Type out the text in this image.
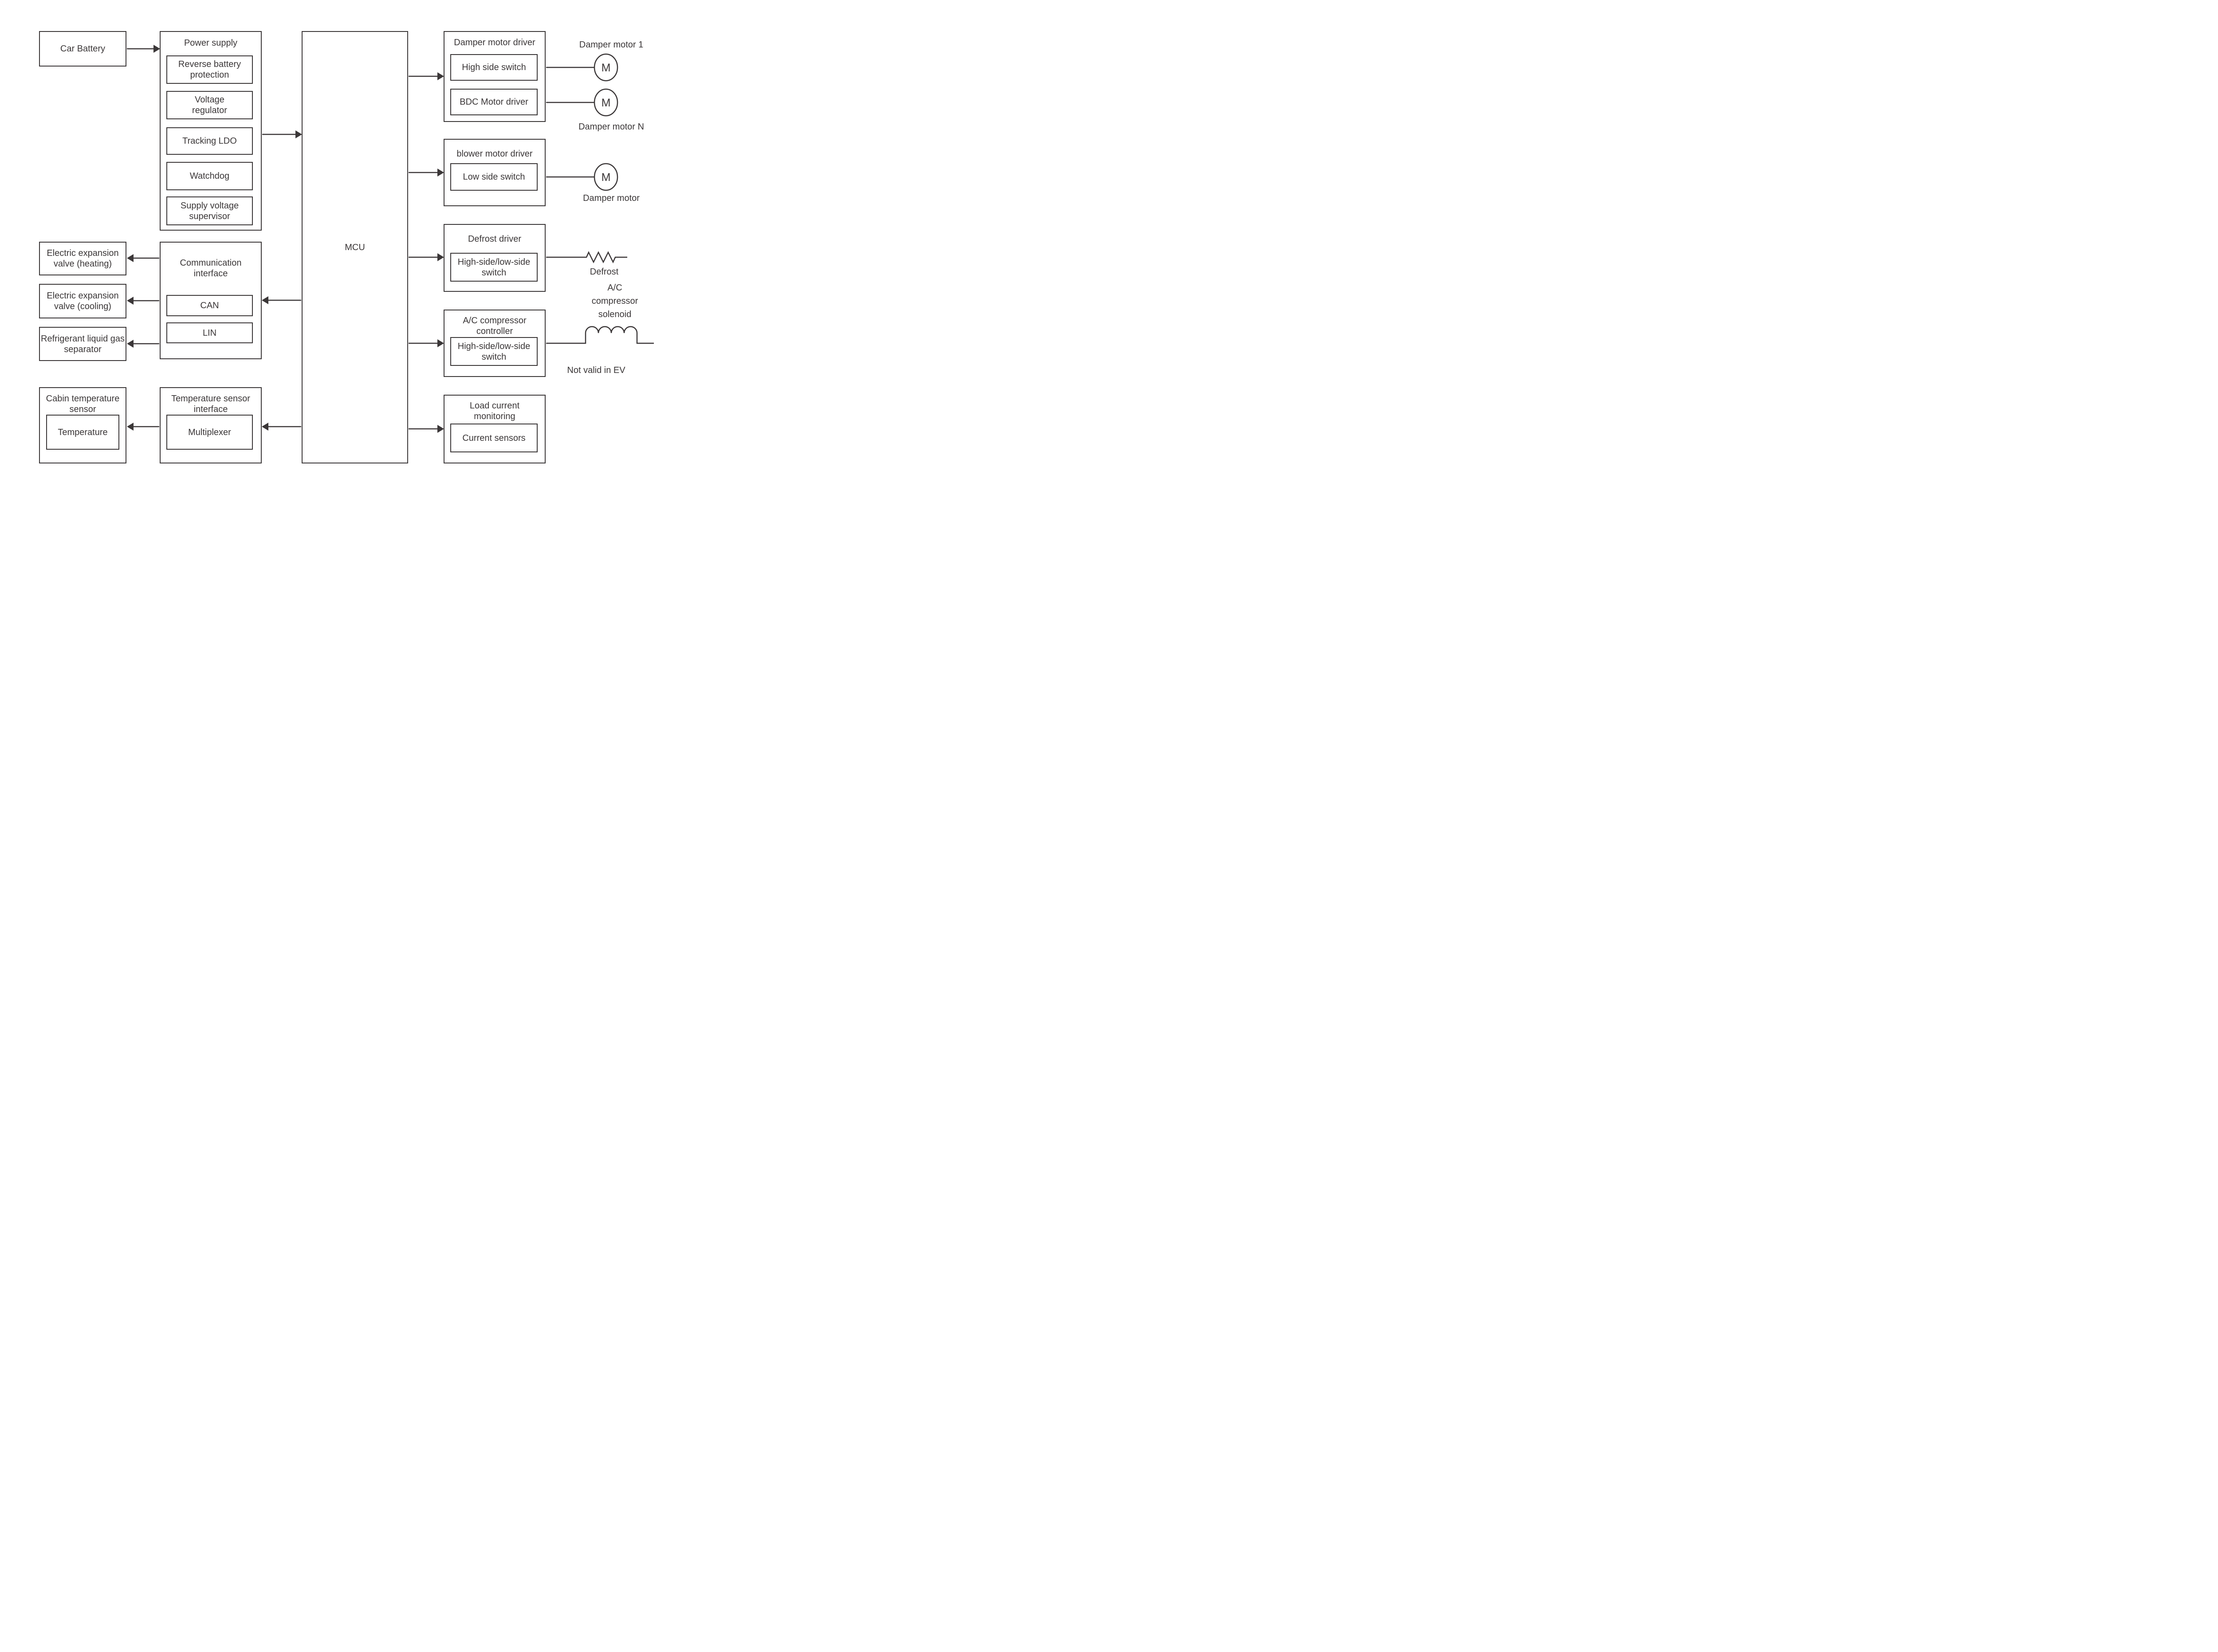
M
M
M
Car Battery
Power supply
Reverse battery protection
Voltage regulator
Tracking LDO
Watchdog
Supply voltage supervisor
Electric expansion valve (heating)
Electric expansion valve (cooling)
Refrigerant liquid gas separator
Communication interface
CAN
LIN
Cabin temperature sensor
Temperature
Temperature sensor interface
Multiplexer
MCU
Damper motor driver
High side switch
BDC Motor driver
blower motor driver
Low side switch
Defrost driver
High-side/low-side switch
A/C compressor controller
High-side/low-side switch
Load current monitoring
Current sensors
Damper motor 1
Damper motor N
Damper motor
Defrost
A/C compressor solenoid
Not valid in EV
